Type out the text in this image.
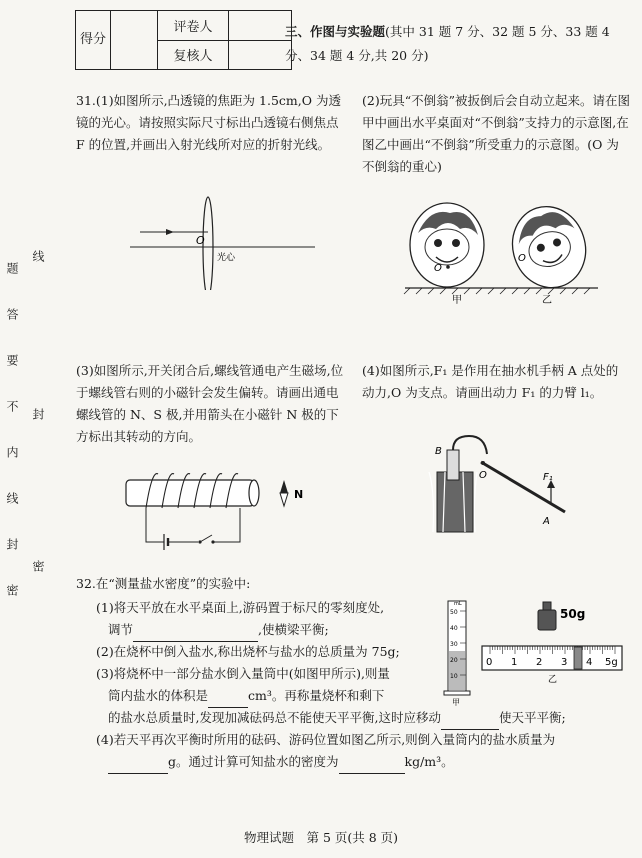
得分		评卷人	
		复核人	
三、作图与实验题(其中 31 题 7 分、32 题 5 分、33 题 4 分、34 题 4 分,共 20 分)
题答要不内线封密
线
封
密
31.(1)如图所示,凸透镜的焦距为 1.5cm,O 为透镜的光心。请按照实际尺寸标出凸透镜右侧焦点 F 的位置,并画出入射光线所对应的折射光线。
(2)玩具“不倒翁”被扳倒后会自动立起来。请在图甲中画出水平桌面对“不倒翁”支持力的示意图,在图乙中画出“不倒翁”所受重力的示意图。(O 为不倒翁的重心)
(3)如图所示,开关闭合后,螺线管通电产生磁场,位于螺线管右则的小磁针会发生偏转。请画出通电螺线管的 N、S 极,并用箭头在小磁针 N 极的下方标出其转动的方向。
(4)如图所示,F₁ 是作用在抽水机手柄 A 点处的动力,O 为支点。请画出动力 F₁ 的力臂 l₁。
O
光心
O
O
甲	乙
N
B
O
A
F₁
32.在“测量盐水密度”的实验中:
(1)将天平放在水平桌面上,游码置于标尺的零刻度处,
调节	,使横梁平衡;
(2)在烧杯中倒入盐水,称出烧杯与盐水的总质量为 75g;
(3)将烧杯中一部分盐水倒入量筒中(如图甲所示),则量
筒内盐水的体积是	cm³。再称量烧杯和剩下
的盐水总质量时,发现加减砝码总不能使天平平衡,这时应移动	使天平平衡;
(4)若天平再次平衡时所用的砝码、游码位置如图乙所示,则倒入量筒内的盐水质量为
g。通过计算可知盐水的密度为	kg/m³。
mL
50
40
30
20
10
甲
50g
0 1 2 3 4 5g
乙
物理试题　第 5 页(共 8 页)
